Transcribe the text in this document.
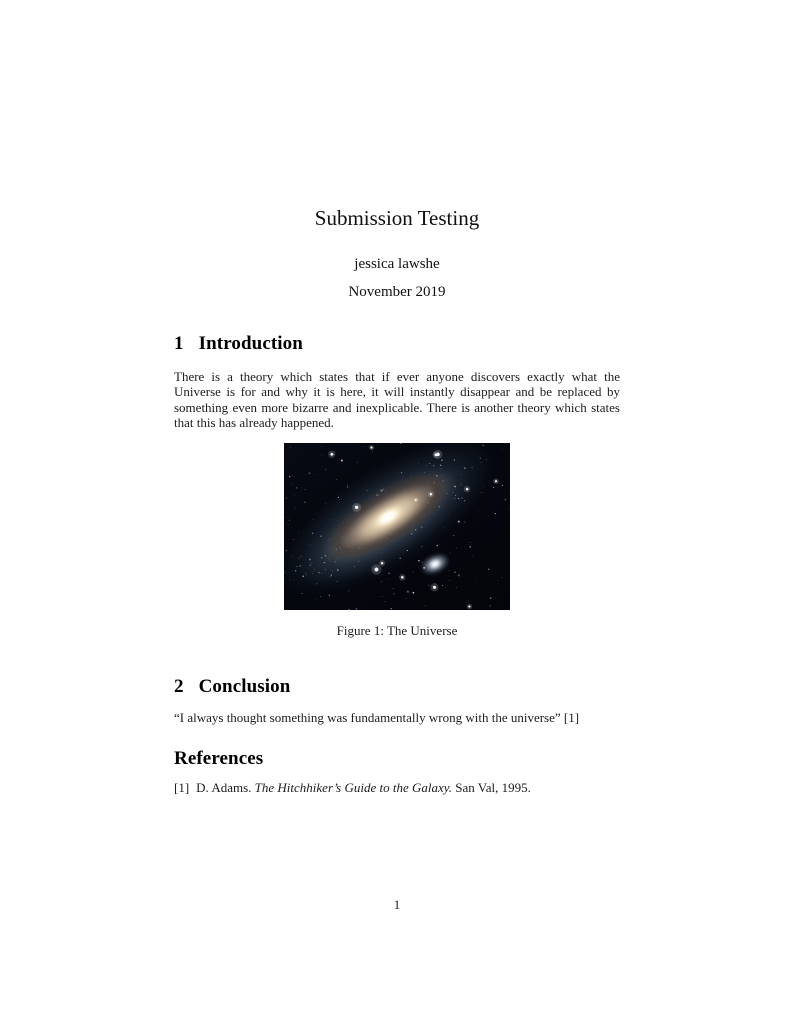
Submission Testing
jessica lawshe
November 2019
1 Introduction

There is a theory which states that if ever anyone discovers exactly what the Universe is for and why it is here, it will instantly disappear and be replaced by something even more bizarre and inexplicable. There is another theory which states that this has already happened.

Figure 1: The Universe
2 Conclusion

“I always thought something was fundamentally wrong with the universe” [1]

References
[1] D. Adams. The Hitchhiker’s Guide to the Galaxy. San Val, 1995.
1
